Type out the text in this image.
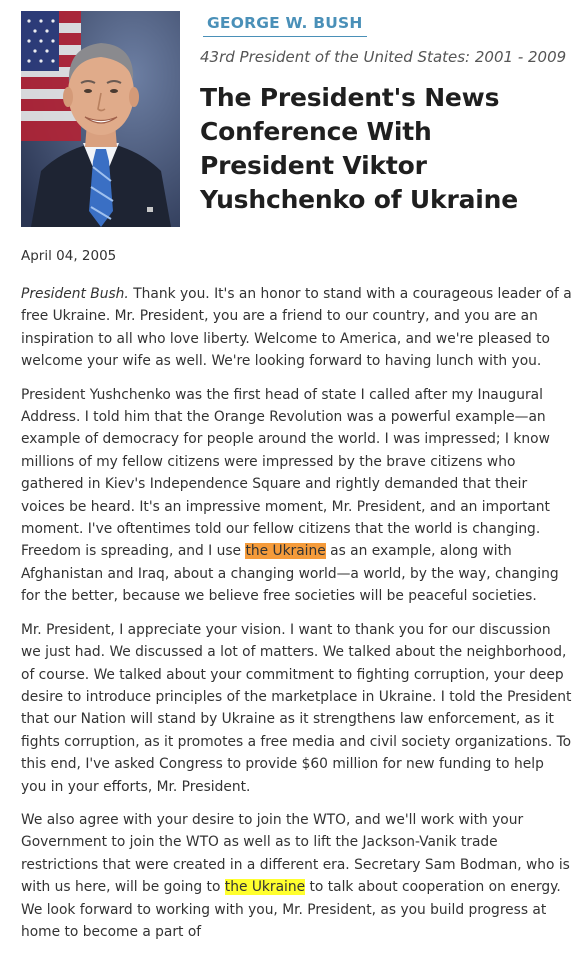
GEORGE W. BUSH
43rd President of the United States: 2001 - 2009
The President's News Conference With President Viktor Yushchenko of Ukraine
April 04, 2005

President Bush. Thank you. It's an honor to stand with a courageous leader of a free Ukraine. Mr. President, you are a friend to our country, and you are an inspiration to all who love liberty. Welcome to America, and we're pleased to welcome your wife as well. We're looking forward to having lunch with you.

President Yushchenko was the first head of state I called after my Inaugural Address. I told him that the Orange Revolution was a powerful example—an example of democracy for people around the world. I was impressed; I know millions of my fellow citizens were impressed by the brave citizens who gathered in Kiev's Independence Square and rightly demanded that their voices be heard. It's an impressive moment, Mr. President, and an important moment. I've oftentimes told our fellow citizens that the world is changing. Freedom is spreading, and I use the Ukraine as an example, along with Afghanistan and Iraq, about a changing world—a world, by the way, changing for the better, because we believe free societies will be peaceful societies.

Mr. President, I appreciate your vision. I want to thank you for our discussion we just had. We discussed a lot of matters. We talked about the neighborhood, of course. We talked about your commitment to fighting corruption, your deep desire to introduce principles of the marketplace in Ukraine. I told the President that our Nation will stand by Ukraine as it strengthens law enforcement, as it fights corruption, as it promotes a free media and civil society organizations. To this end, I've asked Congress to provide $60 million for new funding to help you in your efforts, Mr. President.

We also agree with your desire to join the WTO, and we'll work with your Government to join the WTO as well as to lift the Jackson-Vanik trade restrictions that were created in a different era. Secretary Sam Bodman, who is with us here, will be going to the Ukraine to talk about cooperation on energy. We look forward to working with you, Mr. President, as you build progress at home to become a part of
